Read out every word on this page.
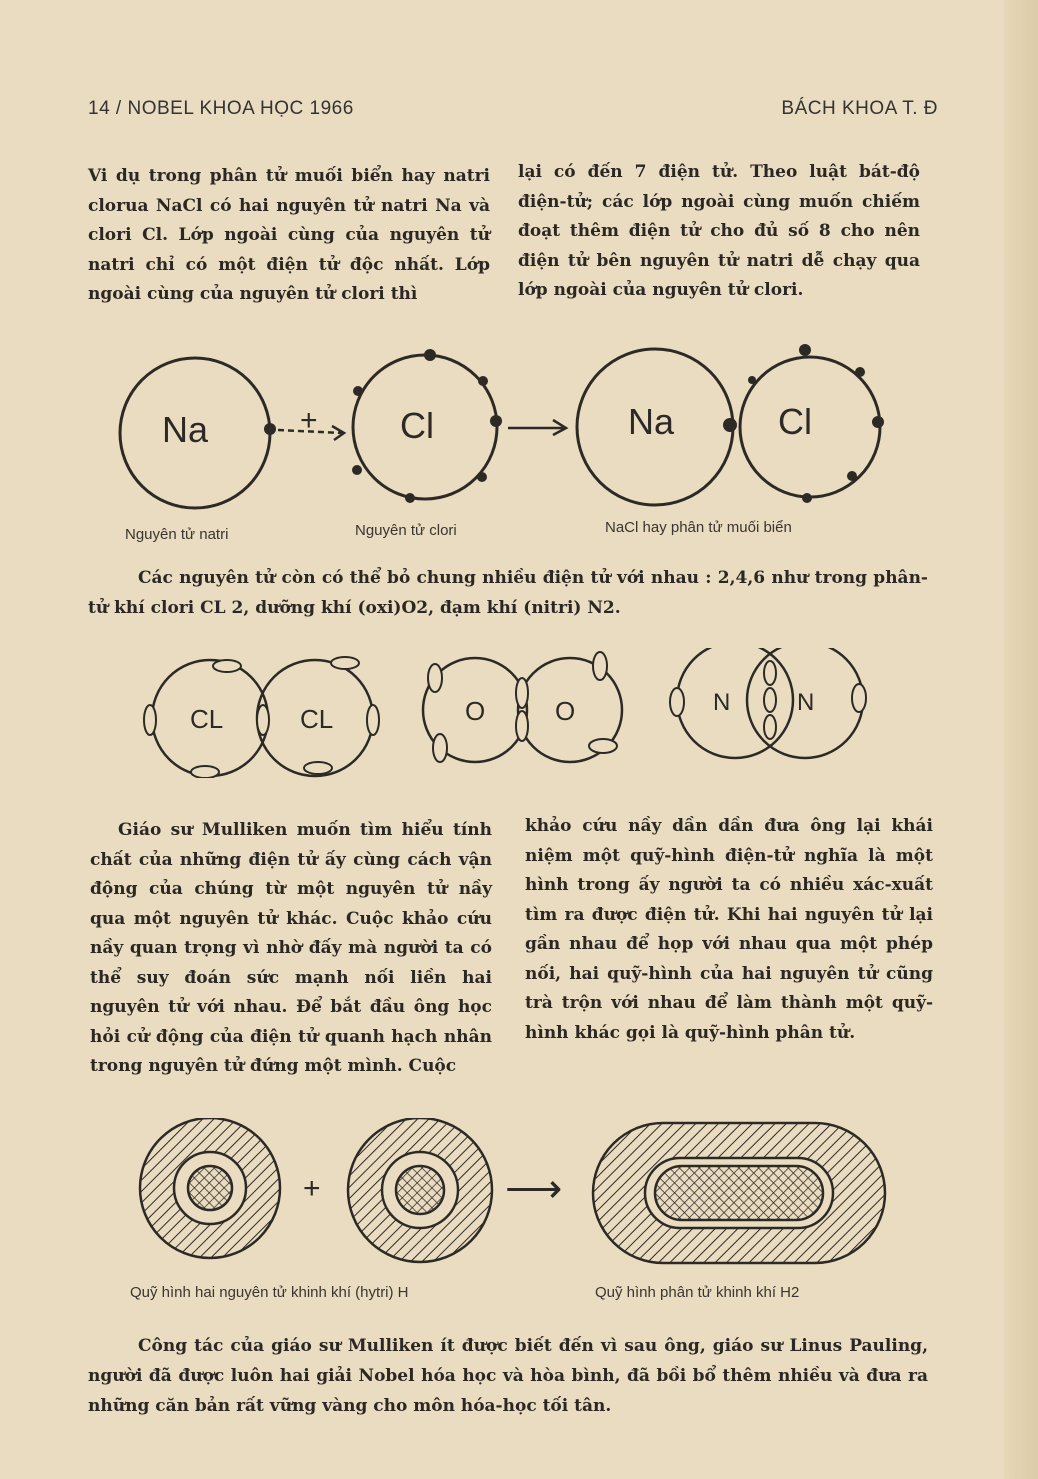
14 / NOBEL KHOA HỌC 1966	BÁCH KHOA T. Đ

Vi dụ trong phân tử muối biển hay natri clorua NaCl có hai nguyên tử natri Na và clori Cl. Lớp ngoài cùng của nguyên tử natri chỉ có một điện tử độc nhất. Lớp ngoài cùng của nguyên tử clori thì

lại có đến 7 điện tử. Theo luật bát-độ điện-tử; các lớp ngoài cùng muốn chiếm đoạt thêm điện tử cho đủ số 8 cho nên điện tử bên nguyên tử natri dễ chạy qua lớp ngoài của nguyên tử clori.

Na	+ Cl	Na	Cl
Nguyên tử natri	Nguyên tử clori	NaCl hay phân tử muối biển
Các nguyên tử còn có thể bỏ chung nhiều điện tử với nhau : 2,4,6 như trong phân-tử khí clori CL 2, dưỡng khí (oxi)O2, đạm khí (nitri) N2.
CL	CL	O	O	N	N

Giáo sư Mulliken muốn tìm hiểu tính chất của những điện tử ấy cùng cách vận động của chúng từ một nguyên tử nầy qua một nguyên tử khác. Cuộc khảo cứu nầy quan trọng vì nhờ đấy mà người ta có thể suy đoán sức mạnh nối liền hai nguyên tử với nhau. Để bắt đầu ông học hỏi cử động của điện tử quanh hạch nhân trong nguyên tử đứng một mình. Cuộc

khảo cứu nầy dần dần đưa ông lại khái niệm một quỹ-hình điện-tử nghĩa là một hình trong ấy người ta có nhiều xác-xuất tìm ra được điện tử. Khi hai nguyên tử lại gần nhau để họp với nhau qua một phép nối, hai quỹ-hình của hai nguyên tử cũng trà trộn với nhau để làm thành một quỹ-hình khác gọi là quỹ-hình phân tử.

+	⟶
Quỹ hình hai nguyên tử khinh khí (hytri) H	Quỹ hình phân tử khinh khí H2
Công tác của giáo sư Mulliken ít được biết đến vì sau ông, giáo sư Linus Pauling, người đã được luôn hai giải Nobel hóa học và hòa bình, đã bồi bổ thêm nhiều và đưa ra những căn bản rất vững vàng cho môn hóa-học tối tân.
